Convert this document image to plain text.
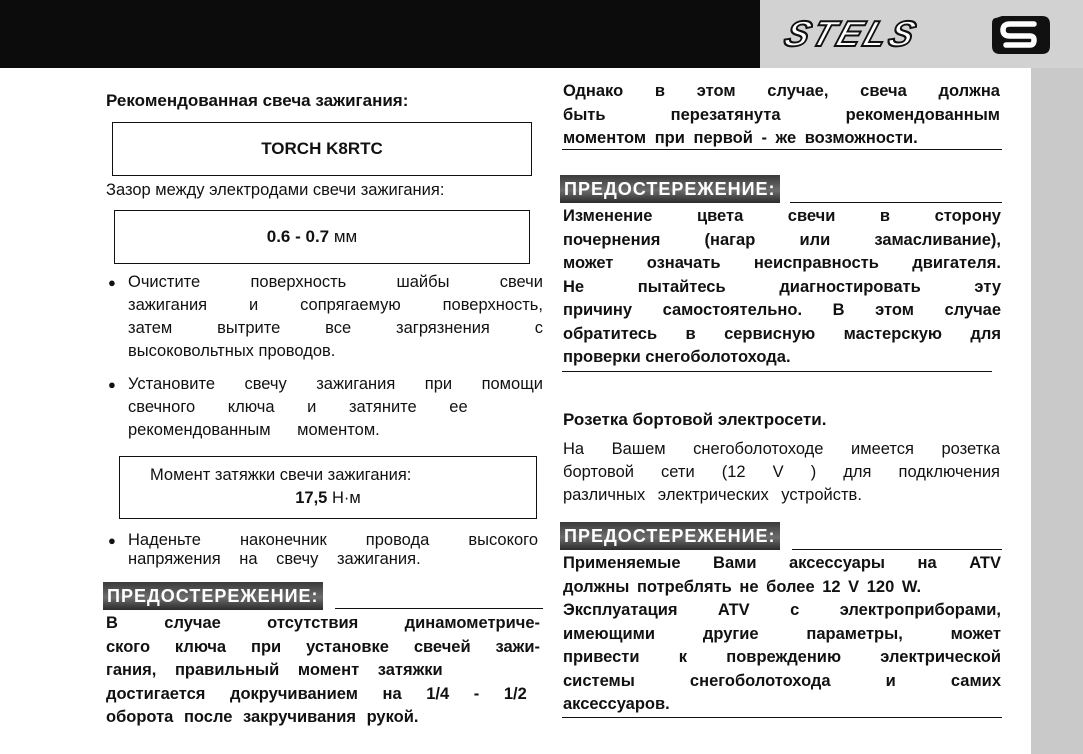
STELS
Рекомендованная свеча зажигания:
TORCH K8RTC
Зазор между электродами свечи зажигания:
0.6 - 0.7 мм
● Очистите поверхность шайбы свечи
зажигания и сопрягаемую поверхность,
затем вытрите все загрязнения с
высоковольтных проводов.
● Установите свечу зажигания при помощи
свечного ключа и затяните ее
рекомендованным моментом.
Момент затяжки свечи зажигания:
17,5 Н·м
● Наденьте наконечник провода высокого
напряжения на свечу зажигания.
ПРЕДОСТЕРЕЖЕНИЕ:
В случае отсутствия динамометриче-
ского ключа при установке свечей зажи-
гания, правильный момент затяжки
достигается докручиванием на 1/4 - 1/2
оборота после закручивания рукой.
Однако в этом случае, свеча должна
быть перезатянута рекомендованным
моментом при первой - же возможности.
ПРЕДОСТЕРЕЖЕНИЕ:
Изменение цвета свечи в сторону
почернения (нагар или замасливание),
может означать неисправность двигателя.
Не пытайтесь диагностировать эту
причину самостоятельно. В этом случае
обратитесь в сервисную мастерскую для
проверки снегоболотохода.
Розетка бортовой электросети.
На Вашем снегоболотоходе имеется розетка
бортовой сети (12 V ) для подключения
различных электрических устройств.
ПРЕДОСТЕРЕЖЕНИЕ:
Применяемые Вами аксессуары на ATV
должны потреблять не более 12 V 120 W.
Эксплуатация ATV с электроприборами,
имеющими другие параметры, может
привести к повреждению электрической
системы снегоболотохода и самих
аксессуаров.
